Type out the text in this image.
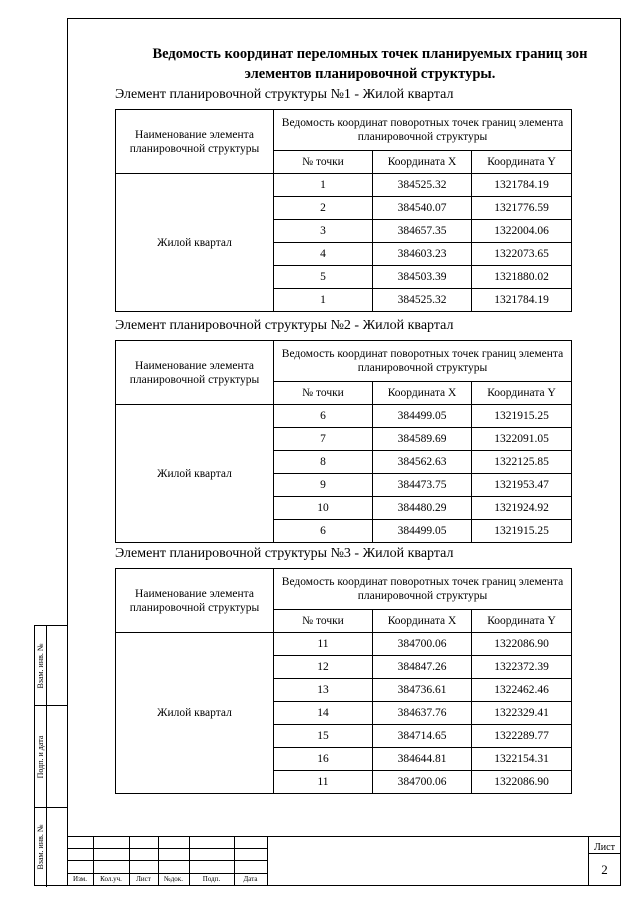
Ведомость координат переломных точек планируемых границ зон
элементов планировочной структуры.
Элемент планировочной структуры №1 - Жилой квартал
Наименование элемента планировочной структуры	Ведомость координат поворотных точек границ элемента планировочной структуры		
	№ точки	Координата X	Координата Y
Жилой квартал	1	384525.32	1321784.19
	2	384540.07	1321776.59
	3	384657.35	1322004.06
	4	384603.23	1322073.65
	5	384503.39	1321880.02
	1	384525.32	1321784.19
Элемент планировочной структуры №2 - Жилой квартал
Наименование элемента планировочной структуры	Ведомость координат поворотных точек границ элемента планировочной структуры		
	№ точки	Координата X	Координата Y
Жилой квартал	6	384499.05	1321915.25
	7	384589.69	1322091.05
	8	384562.63	1322125.85
	9	384473.75	1321953.47
	10	384480.29	1321924.92
	6	384499.05	1321915.25
Элемент планировочной структуры №3 - Жилой квартал
Наименование элемента планировочной структуры	Ведомость координат поворотных точек границ элемента планировочной структуры		
	№ точки	Координата X	Координата Y
Жилой квартал	11	384700.06	1322086.90
	12	384847.26	1322372.39
	13	384736.61	1322462.46
	14	384637.76	1322329.41
	15	384714.65	1322289.77
	16	384644.81	1322154.31
	11	384700.06	1322086.90
Взам. инв. №
Подп. и дата
Взам. инв. №
Изм.	Кол.уч.	Лист	№док.	Подп.	Дата
Лист
2
